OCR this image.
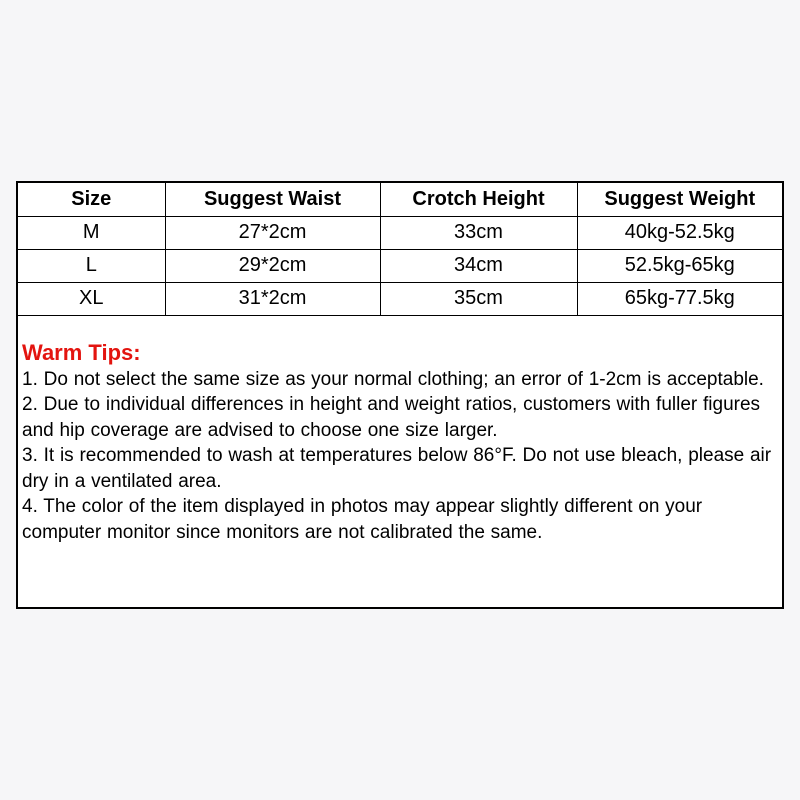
Size	Suggest Waist	Crotch Height	Suggest Weight
M	27*2cm	33cm	40kg-52.5kg
L	29*2cm	34cm	52.5kg-65kg
XL	31*2cm	35cm	65kg-77.5kg
Warm Tips:

1. Do not select the same size as your normal clothing; an error of 1-2cm is acceptable.

2. Due to individual differences in height and weight ratios, customers with fuller figures and hip coverage are advised to choose one size larger.

3. It is recommended to wash at temperatures below 86°F. Do not use bleach, please air dry in a ventilated area.

4. The color of the item displayed in photos may appear slightly different on your computer monitor since monitors are not calibrated the same.
